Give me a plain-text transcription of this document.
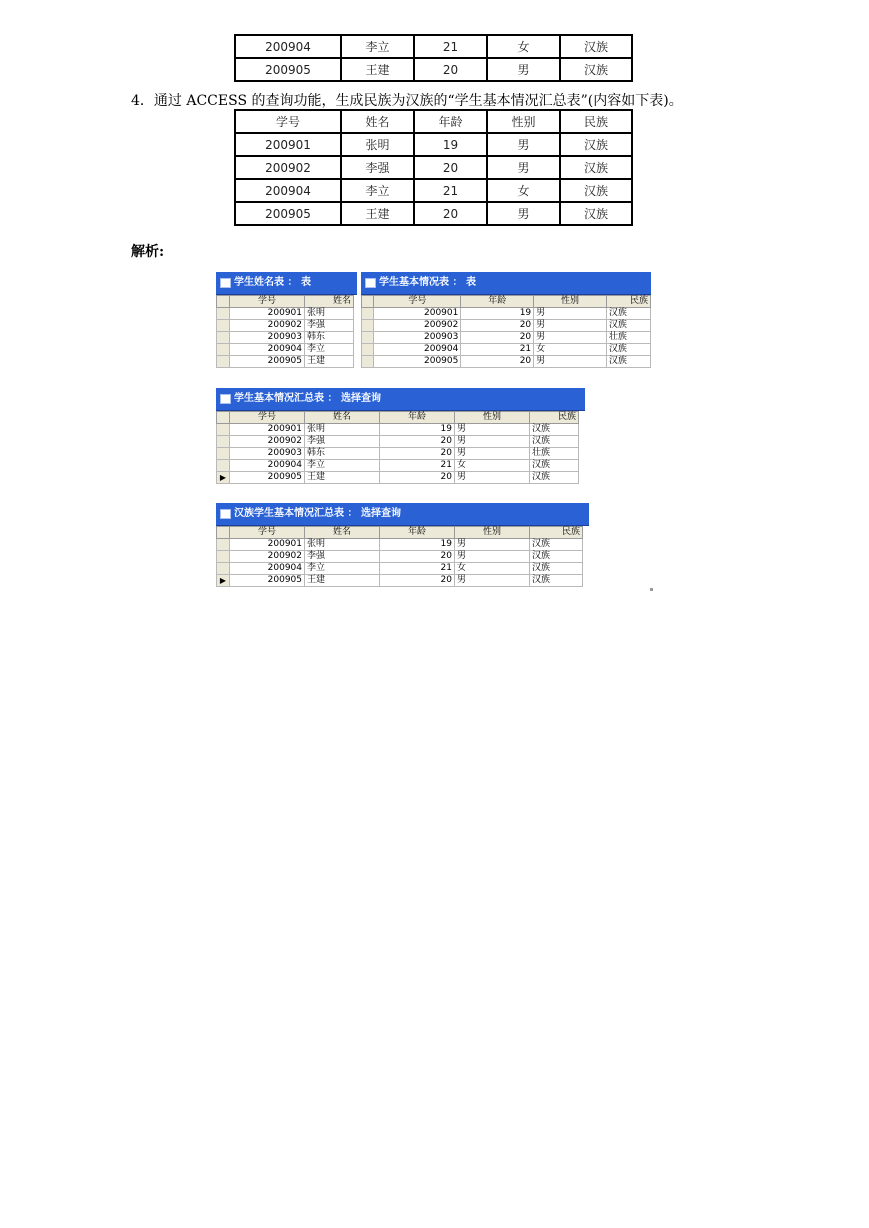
200904	李立	21	女	汉族
200905	王建	20	男	汉族
4．通过 ACCESS 的查询功能，生成民族为汉族的“学生基本情况汇总表”(内容如下表)。
学号	姓名	年龄	性别	民族
200901	张明	19	男	汉族
200902	李强	20	男	汉族
200904	李立	21	女	汉族
200905	王建	20	男	汉族
解析:
学生姓名表 ： 表
	学号	姓名
	200901	张明
	200902	李强
	200903	韩东
	200904	李立
	200905	王建
学生基本情况表 ： 表
	学号	年龄	性别	民族
	200901	19	男	汉族
	200902	20	男	汉族
	200903	20	男	壮族
	200904	21	女	汉族
	200905	20	男	汉族
学生基本情况汇总表 ： 选择查询
	学号	姓名	年龄	性别	民族
	200901	张明	19	男	汉族
	200902	李强	20	男	汉族
	200903	韩东	20	男	壮族
	200904	李立	21	女	汉族
▶	200905	王建	20	男	汉族
汉族学生基本情况汇总表 ： 选择查询
	学号	姓名	年龄	性别	民族
	200901	张明	19	男	汉族
	200902	李强	20	男	汉族
	200904	李立	21	女	汉族
▶	200905	王建	20	男	汉族
